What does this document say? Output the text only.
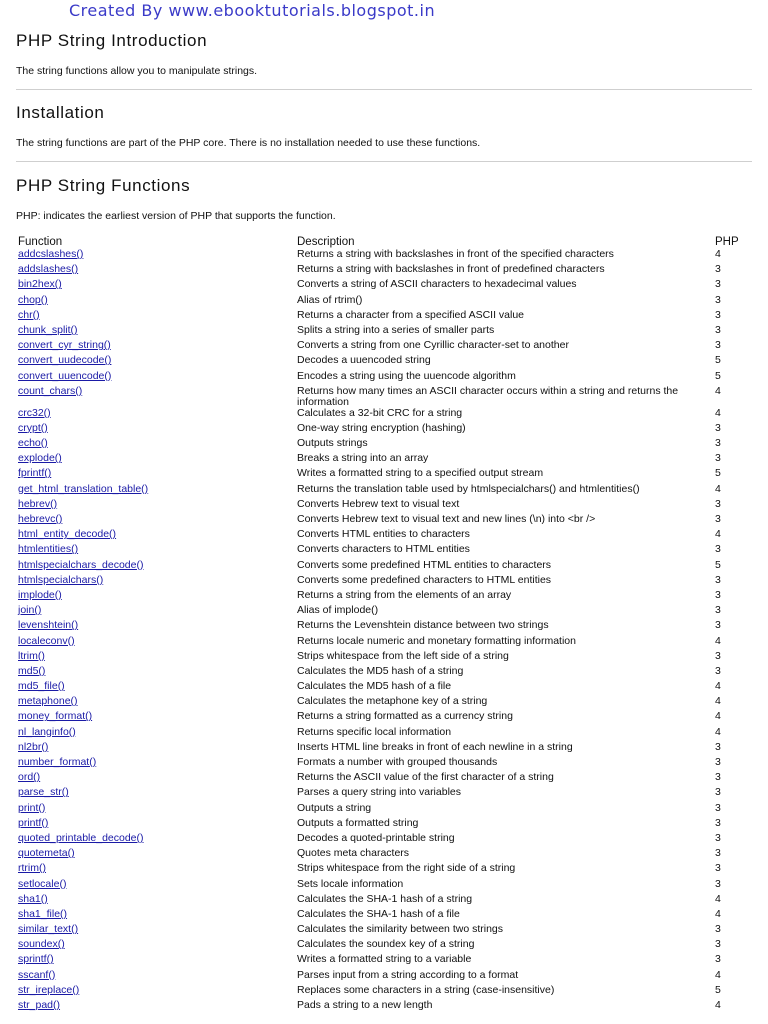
Created By www.ebooktutorials.blogspot.in
PHP String Introduction
The string functions allow you to manipulate strings.
Installation
The string functions are part of the PHP core. There is no installation needed to use these functions.
PHP String Functions
PHP: indicates the earliest version of PHP that supports the function.
Function	Description	PHP
addcslashes()	Returns a string with backslashes in front of the specified characters	4
addslashes()	Returns a string with backslashes in front of predefined characters	3
bin2hex()	Converts a string of ASCII characters to hexadecimal values	3
chop()	Alias of rtrim()	3
chr()	Returns a character from a specified ASCII value	3
chunk_split()	Splits a string into a series of smaller parts	3
convert_cyr_string()	Converts a string from one Cyrillic character-set to another	3
convert_uudecode()	Decodes a uuencoded string	5
convert_uuencode()	Encodes a string using the uuencode algorithm	5
count_chars()	Returns how many times an ASCII character occurs within a string and returns the information	4
crc32()	Calculates a 32-bit CRC for a string	4
crypt()	One-way string encryption (hashing)	3
echo()	Outputs strings	3
explode()	Breaks a string into an array	3
fprintf()	Writes a formatted string to a specified output stream	5
get_html_translation_table()	Returns the translation table used by htmlspecialchars() and htmlentities()	4
hebrev()	Converts Hebrew text to visual text	3
hebrevc()	Converts Hebrew text to visual text and new lines (\n) into <br />	3
html_entity_decode()	Converts HTML entities to characters	4
htmlentities()	Converts characters to HTML entities	3
htmlspecialchars_decode()	Converts some predefined HTML entities to characters	5
htmlspecialchars()	Converts some predefined characters to HTML entities	3
implode()	Returns a string from the elements of an array	3
join()	Alias of implode()	3
levenshtein()	Returns the Levenshtein distance between two strings	3
localeconv()	Returns locale numeric and monetary formatting information	4
ltrim()	Strips whitespace from the left side of a string	3
md5()	Calculates the MD5 hash of a string	3
md5_file()	Calculates the MD5 hash of a file	4
metaphone()	Calculates the metaphone key of a string	4
money_format()	Returns a string formatted as a currency string	4
nl_langinfo()	Returns specific local information	4
nl2br()	Inserts HTML line breaks in front of each newline in a string	3
number_format()	Formats a number with grouped thousands	3
ord()	Returns the ASCII value of the first character of a string	3
parse_str()	Parses a query string into variables	3
print()	Outputs a string	3
printf()	Outputs a formatted string	3
quoted_printable_decode()	Decodes a quoted-printable string	3
quotemeta()	Quotes meta characters	3
rtrim()	Strips whitespace from the right side of a string	3
setlocale()	Sets locale information	3
sha1()	Calculates the SHA-1 hash of a string	4
sha1_file()	Calculates the SHA-1 hash of a file	4
similar_text()	Calculates the similarity between two strings	3
soundex()	Calculates the soundex key of a string	3
sprintf()	Writes a formatted string to a variable	3
sscanf()	Parses input from a string according to a format	4
str_ireplace()	Replaces some characters in a string (case-insensitive)	5
str_pad()	Pads a string to a new length	4
